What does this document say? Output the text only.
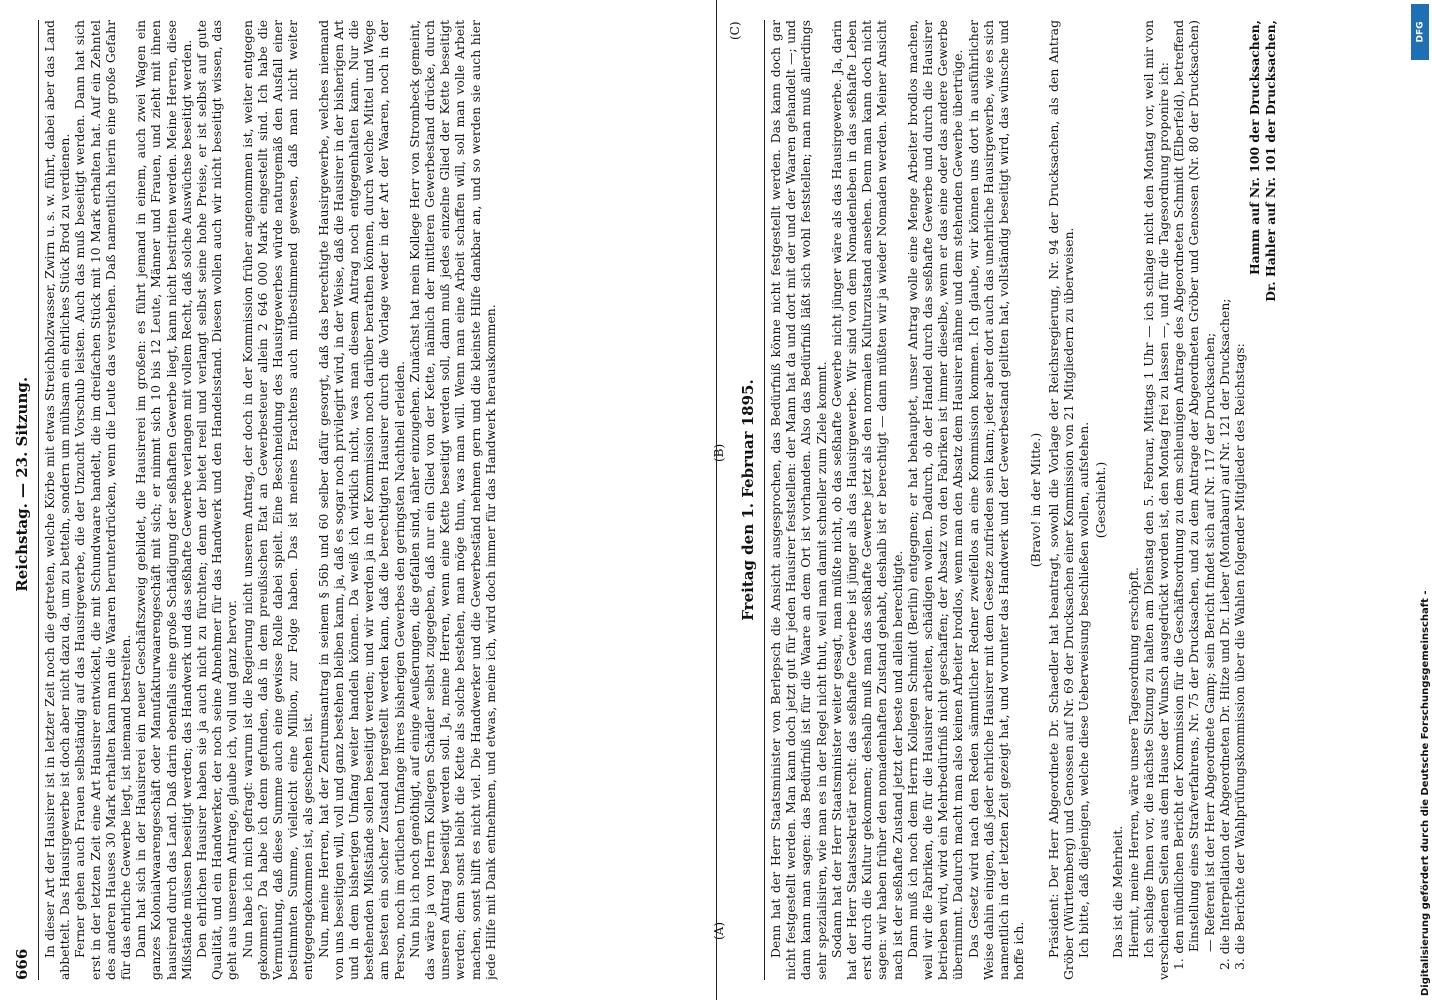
666
Reichstag. — 23. Sitzung. In dieser Art der Hausirer ist in letzter Zeit noch die getreten, welche Körbe mit etwas Streichholzwasser, Zwirn u. s. w. führt, dabei aber das Land abbettelt. Das Hausirgewerbe ist doch aber nicht dazu da, um zu betteln, sondern um mühsam ein ehrliches Stück Brod zu verdienen. Ferner gehen auch Frauen selbständig auf das Hausirgewerbe, die der Unzucht Vorschub leisten. Auch das muß beseitigt werden. Dann hat sich erst in der letzten Zeit eine Art Hausirer entwickelt, die mit Schundwaare handelt, die im dreifachen Stück mit 10 Mark erhalten hat. Auf ein Zehntel des anderen Hauses 30 Mark erhalten kann man die Waaren herunterdrücken, wenn die Leute das verstehen. Daß namentlich hierin eine große Gefahr für das ehrliche Gewerbe liegt, ist niemand bestreiten. Dann hat sich in der Hausirerei ein neuer Geschäftszweig gebildet, die Hausirerei im großen: es führt jemand in einem, auch zwei Wagen ein ganzes Kolonialwaarengeschäft oder Manufakturwaarengeschäft mit sich; er nimmt sich 10 bis 12 Leute, Männer und Frauen, und zieht mit ihnen hausirend durch das Land. Daß darin ebenfalls eine große Schädigung der seßhaften Gewerbe liegt, kann nicht bestritten werden. Meine Herren, diese Mißstände müssen beseitigt werden; das Handwerk und das seßhafte Gewerbe verlangen mit vollem Recht, daß solche Auswüchse beseitigt werden. Den ehrlichen Hausirer haben sie ja auch nicht zu fürchten; denn der bietet reell und verlangt selbst seine hohe Preise, er ist selbst auf gute Qualität, und ein Handwerker, der noch seine Abnehmer für das Handwerk und den Handelsstand. Diesen wollen auch wir nicht beseitigt wissen, das geht aus unserem Antrage, glaube ich, voll und ganz hervor. Nun habe ich mich gefragt: warum ist die Regierung nicht unserem Antrag, der doch in der Kommission früher angenommen ist, weiter entgegen gekommen? Da habe ich denn gefunden, daß in dem preußischen Etat an Gewerbesteuer allein 2 646 000 Mark eingestellt sind. Ich habe die Vermuthung, daß diese Summe auch eine gewisse Rolle dabei spielt. Eine Beschneidung des Hausirgewerbes würde naturgemäß den Ausfall einer bestimmten Summe, vielleicht eine Million, zur Folge haben. Das ist meines Erachtens auch mitbestimmend gewesen, daß man nicht weiter entgegengekommen ist, als geschehen ist. Nun, meine Herren, hat der Zentrumsantrag in seinem § 56b und 60 selber dafür gesorgt, daß das berechtigte Hausirgewerbe, welches niemand von uns beseitigen will, voll und ganz bestehen bleiben kann, ja, daß es sogar noch privilegirt wird, in der Weise, daß die Hausirer in der bisherigen Art und in dem bisherigen Umfang weiter handeln können. Da weiß ich wirklich nicht, was man diesem Antrag noch entgegenhalten kann. Nur die bestehenden Mißstände sollen beseitigt werden; und wir werden ja in der Kommission noch darüber berathen können, durch welche Mittel und Wege am besten ein solcher Zustand hergestellt werden kann, daß die berechtigten Hausirer durch die Vorlage weder in der Art der Waaren, noch in der Person, noch im örtlichen Umfange ihres bisherigen Gewerbes den geringsten Nachtheil erleiden. Nun bin ich noch genöthigt, auf einige Aeußerungen, die gefallen sind, näher einzugehen. Zunächst hat mein Kollege Herr von Strombeck gemeint, das wäre ja von Herrn Kollegen Schädler selbst zugegeben, daß nur ein Glied von der Kette, nämlich der mittleren Gewerbestand drücke, durch unseren Antrag beseitigt werden soll. Ja, meine Herren, wenn eine Kette beseitigt werden soll, dann muß jedes einzelne Glied der Kette beseitigt werden; denn sonst bleibt die Kette als solche bestehen, man möge thun, was man will. Wenn man eine Arbeit schaffen will, soll man volle Arbeit machen, sonst hilft es nicht viel. Die Handwerker und die Gewerbeständ nehmen gern und die kleinste Hilfe dankbar an, und so werden sie auch hier jede Hilfe mit Dank entnehmen, und etwas, meine ich, wird doch immer für das Handwerk herauskommen.	(A)
(B) Freitag den 1. Februar 1895. Denn hat der Herr Staatsminister von Berlepsch die Ansicht ausgesprochen, das Bedürfniß könne nicht festgestellt werden. Das kann doch gar nicht festgestellt werden. Man kann doch jetzt gut für jeden Hausirer feststellen: der Mann hat da und dort mit der und der Waaren gehandelt —; und dann kann man sagen: das Bedürfniß ist für die Waare an dem Ort ist vorhanden. Also das Bedürfniß läßt sich wohl feststellen; man muß allerdings sehr spezialisiren, wie man es in der Regel nicht thut, weil man damit schneller zum Ziele kommt. Sodann hat der Herr Staatsminister weiter gesagt, man müßte nicht, ob das seßhafte Gewerbe nicht jünger wäre als das Hausirgewerbe. Ja, darin hat der Herr Staatssekretär recht: das seßhafte Gewerbe ist jünger als das Hausirgewerbe. Wir sind von dem Nomadenleben in das seßhafte Leben erst durch die Kultur gekommen; deshalb muß man das seßhafte Gewerbe jetzt als den normalen Kulturzustand ansehen. Denn man kann doch nicht sagen: wir haben früher den nomadenhaften Zustand gehabt, deshalb ist er berechtigt — dann müßten wir ja wieder Nomaden werden. Meiner Ansicht nach ist der seßhafte Zustand jetzt der beste und allein berechtigte. Dann muß ich noch dem Herrn Kollegen Schmidt (Berlin) entgegnen; er hat behauptet, unser Antrag wolle eine Menge Arbeiter brodlos machen, weil wir die Fabriken, die für die Hausirer arbeiten, schädigen wollen. Dadurch, ob der Handel durch das seßhafte Gewerbe und durch die Hausirer betrieben wird, wird ein Mehrbedürfniß nicht geschaffen; der Absatz von den Fabriken ist immer dieselbe, wenn er das eine oder das andere Gewerbe übernimmt. Dadurch macht man also keinen Arbeiter brodlos, wenn man den Absatz dem Hausirer nähme und dem stehenden Gewerbe übertrüge. Das Gesetz wird nach den Reden sämmtlicher Redner zweifellos an eine Kommission kommen. Ich glaube, wir können uns dort in ausführlicher Weise dahin einigen, daß jeder ehrliche Hausirer mit dem Gesetze zufrieden sein kann; jeder aber dort auch das unehrliche Hausirgewerbe, wie es sich namentlich in der letzten Zeit gezeigt hat, und worunter das Handwerk und der Gewerbestand gelitten hat, vollständig beseitigt wird, das wünsche und hoffe ich.

(Bravo! in der Mitte.) Präsident: Der Herr Abgeordnete Dr. Schaedler hat beantragt, sowohl die Vorlage der Reichsregierung, Nr. 94 der Drucksachen, als den Antrag Gröber (Württemberg) und Genossen auf Nr. 69 der Drucksachen einer Kommission von 21 Mitgliedern zu überweisen. Ich bitte, daß diejenigen, welche diese Ueberweisung beschließen wollen, aufstehen. (Geschieht.)

Das ist die Mehrheit. Hiermit, meine Herren, wäre unsere Tagesordnung erschöpft. Ich schlage Ihnen vor, die nächste Sitzung zu halten am Dienstag den 5. Februar, Mittags 1 Uhr — ich schlage nicht den Montag vor, weil mir von verschiedenen Seiten aus dem Hause der Wunsch ausgedrückt worden ist, den Montag frei zu lassen —, und für die Tagesordnung proponire ich: 1. den mündlichen Bericht der Kommission für die Geschäftsordnung zu dem schleunigen Antrage des Abgeordneten Schmidt (Elberfeld), betreffend Einstellung eines Strafverfahrens, Nr. 75 der Drucksachen, und zu dem Antrage der Abgeordneten Gröber und Genossen (Nr. 80 der Drucksachen) — Referent ist der Herr Abgeordnete Gamp; sein Bericht findet sich auf Nr. 117 der Drucksachen; 2. die Interpellation der Abgeordneten Dr. Hitze und Dr. Lieber (Montabaur) auf Nr. 121 der Drucksachen; 3. die Berichte der Wahlprüfungskommission über die Wahlen folgender Mitglieder des Reichstags:

Hamm auf Nr. 100 der Drucksachen, Dr. Hahler auf Nr. 101 der Drucksachen,

(C)
Digitalisierung gefördert durch die Deutsche Forschungsgemeinschaft -
DFG
